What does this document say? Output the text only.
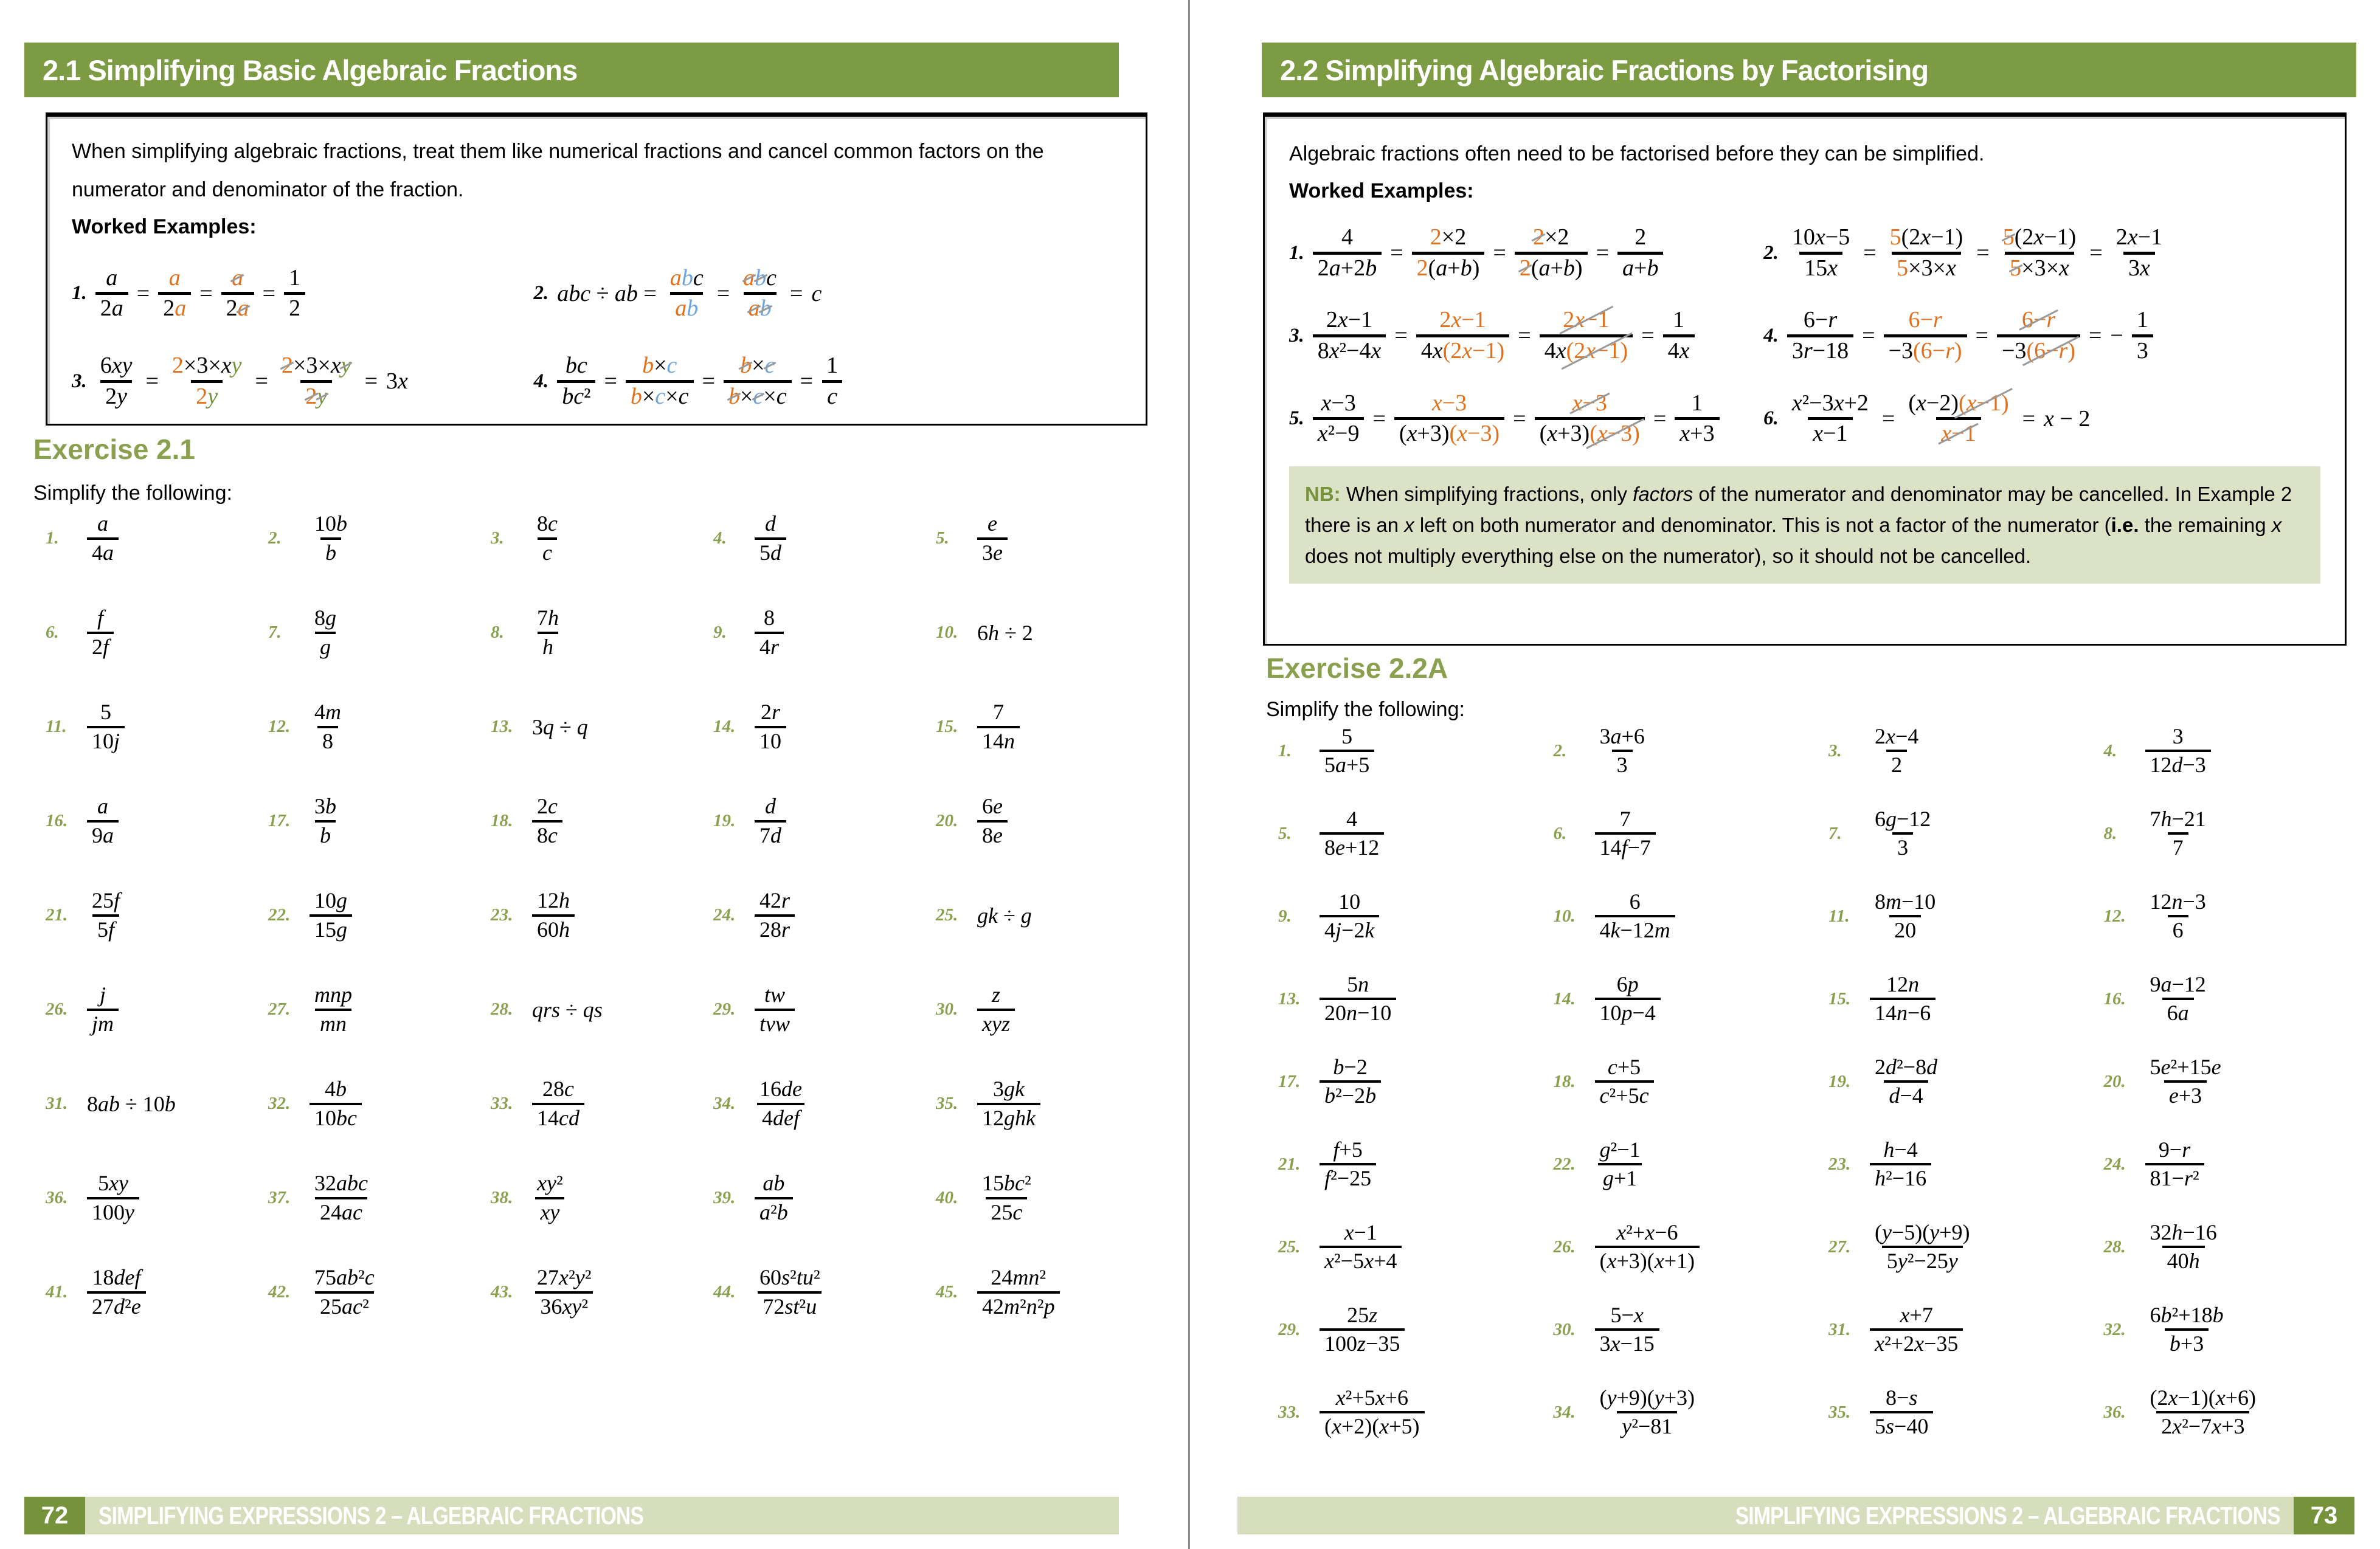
2.1 Simplifying Basic Algebraic Fractions

When simplifying algebraic fractions, treat them like numerical fractions and cancel common factors on the numerator and denominator of the fraction.

Worked Examples:
1. $\frac{a}{2a} = \frac{a}{2a} = \frac{a}{2a} = \frac{1}{2}$	2. abc ÷ ab = $\frac{\text{abc}}{ab} = \frac{\text{abc}}{ab} = c$
3. $\frac{6xy}{2y} = \frac{2\times 3\times xy}{2y} = \frac{2\times 3\times xy}{2y} = 3x$	4. $\frac{bc}{\text{bc²}} = \frac{b\times c}{b\times c\times c} = \frac{b\times c}{b\times c\times c} = \frac{1}{c}$
Exercise 2.1
Simplify the following:
1.	$\frac{a}{4a}$	2.	$\frac{10b}{b}$	3.	$\frac{8c}{c}$	4.	$\frac{d}{5d}$	5.	$\frac{e}{3e}$
6.	$\frac{f}{2f}$	7.	$\frac{8g}{g}$	8.	$\frac{7h}{h}$	9.	$\frac{8}{4r}$	10. 6h ÷ 2
11. $\frac{5}{10j}$	12. $\frac{4m}{8}$	13. 3q ÷ q	14. $\frac{2r}{10}$	15. $\frac{7}{14n}$
16. $\frac{a}{9a}$	17. $\frac{3b}{b}$	18. $\frac{2c}{8c}$	19. $\frac{d}{7d}$	20. $\frac{6e}{8e}$
21. $\frac{25f}{5f}$	22. $\frac{10g}{15g}$	23. $\frac{12h}{60h}$	24. $\frac{42r}{28r}$	25. gk ÷ g
26. $\frac{j}{jm}$	27. $\frac{\text{mnp}}{mn}$	28. qrs ÷ qs	29. $\frac{tw}{\text{tvw}}$	30. $\frac{z}{\text{xyz}}$
31. 8ab ÷ 10b	32. $\frac{4b}{10bc}$	33. $\frac{28c}{14cd}$	34. $\frac{16de}{\text{4def}}$	35. $\frac{3gk}{\text{12ghk}}$
36. $\frac{5xy}{100y}$	37. $\frac{\text{32abc}}{24ac}$	38. $\frac{\text{xy²}}{xy}$	39. $\frac{ab}{\text{a²b}}$	40. $\frac{\text{15bc²}}{25c}$
41. $\frac{\text{18def}}{\text{27d²e}}$	42. $\frac{\text{75ab²c}}{\text{25ac²}}$	43. $\frac{\text{27x²y²}}{\text{36xy²}}$	44. $\frac{\text{60s²tu²}}{\text{72st²u}}$	45. $\frac{\text{24mn²}}{\text{42m²n²p}}$
72	SIMPLIFYING EXPRESSIONS 2 – ALGEBRAIC FRACTIONS
2.2 Simplifying Algebraic Fractions by Factorising

Algebraic fractions often need to be factorised before they can be simplified.

Worked Examples:
1. $\frac{4}{2a+2b} = \frac{2\times 2}{2(a+b)} = \frac{2\times 2}{2(a+b)} = \frac{2}{a+b}$	2. $\frac{10x-5}{15x} = \frac{5(2x-1)}{5\times 3\times x} = \frac{5(2x-1)}{5\times 3\times x} = \frac{2x-1}{3x}$
3. $\frac{2x-1}{\text{8x²−4x}} = \frac{2x-1}{4x(2x-1)} = \frac{2x-1}{4x(2x-1)} = \frac{1}{4x}$	4. $\frac{6-r}{3r-18} = \frac{6-r}{-3(6-r)} = \frac{6-r}{-3(6-r)}$ = − $\frac{1}{3}$
5. $\frac{x-3}{\text{x²−9}} = \frac{x-3}{(x+3)(x-3)} = \frac{x-3}{(x+3)(x-3)} = \frac{1}{x+3} 6$. $\frac{\text{x²−3x+2}}{x-1} = \frac{(x-2)(x-1)}{x-1} = x - 2$
NB: When simplifying fractions, only factors of the numerator and denominator may be cancelled. In Example 2 there is an x left on both numerator and denominator. This is not a factor of the numerator (i.e. the remaining x does not multiply everything else on the numerator), so it should not be cancelled.
Exercise 2.2A
Simplify the following:
1.	$\frac{5}{5a+5}$	2.	$\frac{3a+6}{3}$	3.	$\frac{2x-4}{2}$	4.	$\frac{3}{12d-3}$
5.	$\frac{4}{8e+12}$	6.	$\frac{7}{14f-7}$	7.	$\frac{6g-12}{3}$	8.	$\frac{7h-21}{7}$
9.	$\frac{10}{4j-2k}$	10. $\frac{6}{4k-12m}$	11. $\frac{8m-10}{20}$	12. $\frac{12n-3}{6}$
13. $\frac{5n}{20n-10}$	14. $\frac{6p}{10p-4}$	15. $\frac{12n}{14n-6}$	16. $\frac{9a-12}{6a}$
17. $\frac{b-2}{\text{b²−2b}}$	18. $\frac{c+5}{\text{c²+5c}}$	19. $\frac{\text{2d²−8d}}{d-4}$	20. $\frac{\text{5e²+15e}}{e+3}$
21. $\frac{f+5}{\text{f²−25}}$	22. $\frac{\text{g²−1}}{g+1}$	23. $\frac{h-4}{\text{h²−16}}$	24. $\frac{9-r}{\text{81−r²}}$
25. $\frac{x-1}{\text{x²−5x+4}}$	26. $\frac{\text{x²+x−6}}{(x+3)(x+1)}$	27. $\frac{(y-5)(y+9)}{\text{5y²−25y}}$	28. $\frac{32h-16}{40h}$
29. $\frac{25z}{100z-35}$	30. $\frac{5-x}{3x-15}$	31. $\frac{x+7}{\text{x²+2x−35}}$	32. $\frac{\text{6b²+18b}}{b+3}$
33. $\frac{\text{x²+5x+6}}{(x+2)(x+5)}$	34. $\frac{(y+9)(y+3)}{\text{y²−81}}$	35. $\frac{8-s}{5s-40}$	36. $\frac{(2x-1)(x+6)}{\text{2x²−7x+3}}$
73
SIMPLIFYING EXPRESSIONS 2 – ALGEBRAIC FRACTIONS
